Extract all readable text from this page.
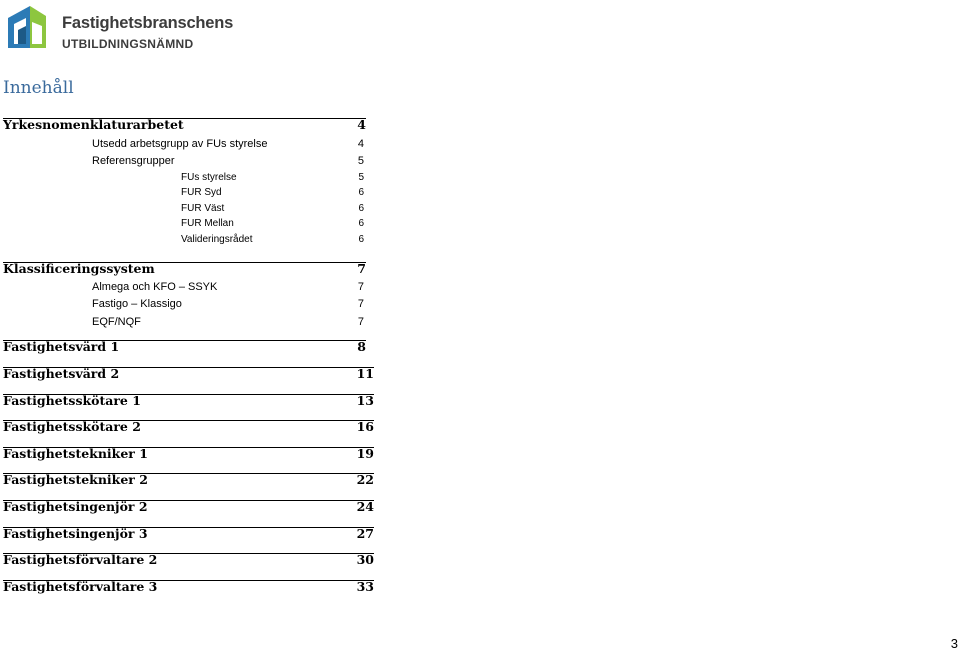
Fastighetsbranschens
UTBILDNINGSNÄMND
Innehåll
Yrkesnomenklaturarbetet	4
Utsedd arbetsgrupp av FUs styrelse	4
Referensgrupper	5
FUs styrelse	5
FUR Syd	6
FUR Väst	6
FUR Mellan	6
Valideringsrådet	6
Klassificeringssystem	7
Almega och KFO – SSYK	7
Fastigo – Klassigo	7
EQF/NQF	7
Fastighetsvärd 1	8
Fastighetsvärd 2	11
Fastighetsskötare 1	13
Fastighetsskötare 2	16
Fastighetstekniker 1	19
Fastighetstekniker 2	22
Fastighetsingenjör 2	24
Fastighetsingenjör 3	27
Fastighetsförvaltare 2	30
Fastighetsförvaltare 3	33
3
